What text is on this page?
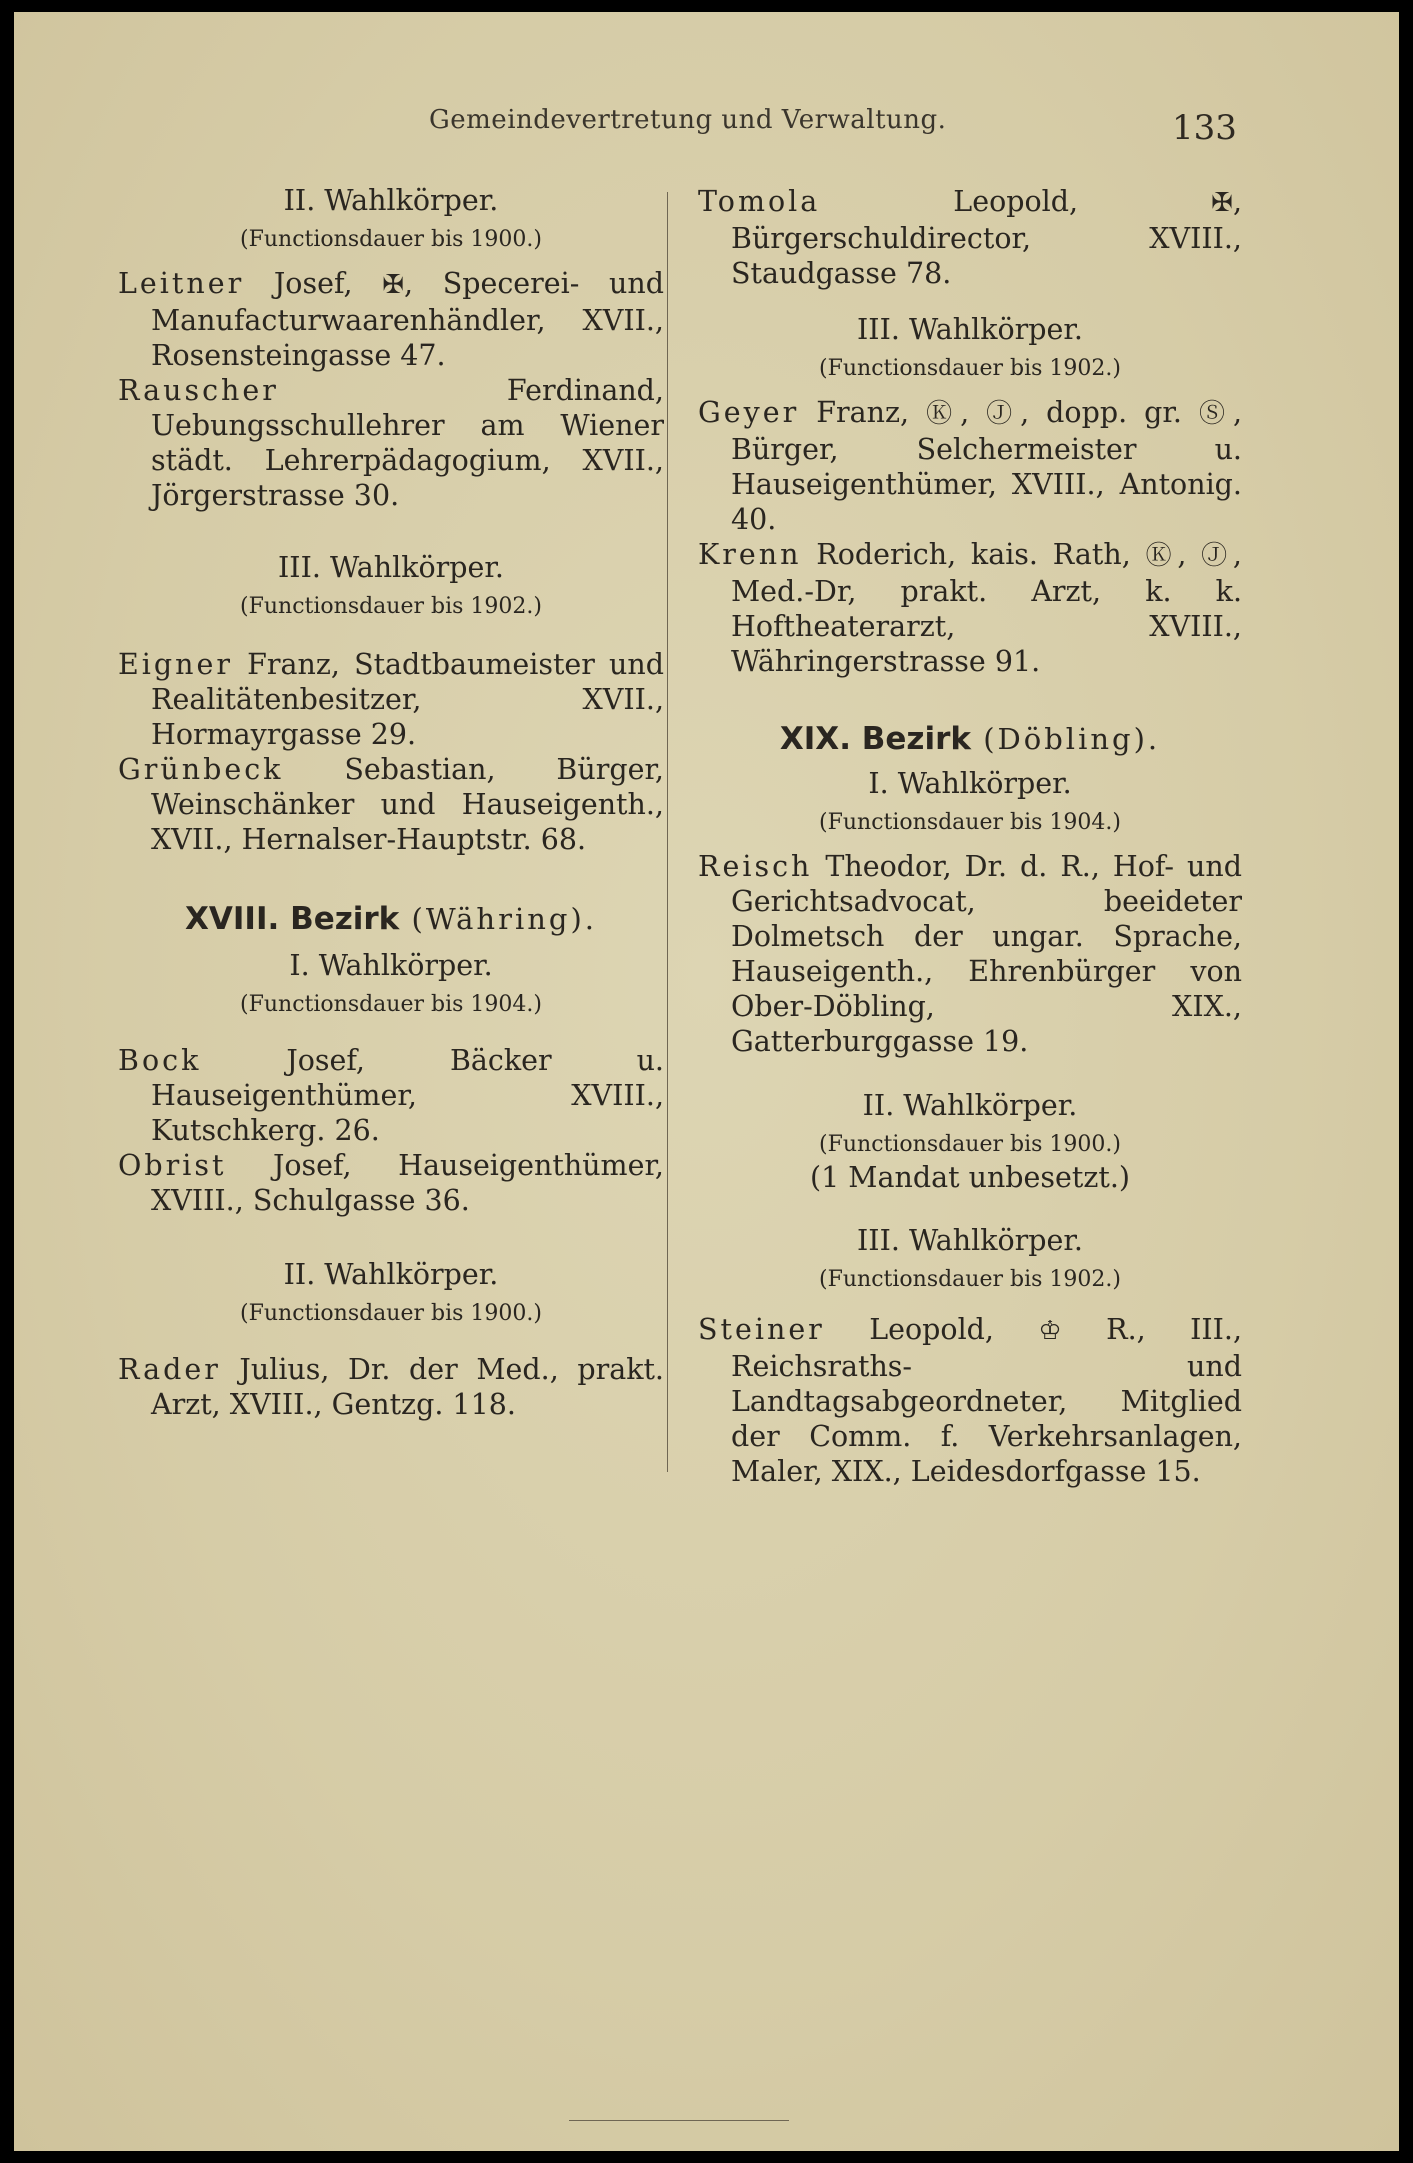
Gemeindevertretung und Verwaltung.	133
II. Wahlkörper.
(Functionsdauer bis 1900.)

Leitner Josef, ✠, Specerei- und Manufacturwaarenhändler, XVII., Rosensteingasse 47.

Rauscher Ferdinand, Uebungsschullehrer am Wiener städt. Lehrerpädagogium, XVII., Jörgerstrasse 30.

III. Wahlkörper.
(Functionsdauer bis 1902.)

Eigner Franz, Stadtbaumeister und Realitätenbesitzer, XVII., Hormayrgasse 29.

Grünbeck Sebastian, Bürger, Weinschänker und Hauseigenth., XVII., Hernalser-Hauptstr. 68.

XVIII. Bezirk (Währing).
I. Wahlkörper.
(Functionsdauer bis 1904.)

Bock Josef, Bäcker u. Hauseigenthümer, XVIII., Kutschkerg. 26.

Obrist Josef, Hauseigenthümer, XVIII., Schulgasse 36.

II. Wahlkörper.
(Functionsdauer bis 1900.)

Rader Julius, Dr. der Med., prakt. Arzt, XVIII., Gentzg. 118.

Tomola Leopold, ✠, Bürgerschuldirector, XVIII., Staudgasse 78.

III. Wahlkörper.
(Functionsdauer bis 1902.)

Geyer Franz, Ⓚ, Ⓙ, dopp. gr. Ⓢ, Bürger, Selchermeister u. Hauseigenthümer, XVIII., Antonig. 40.

Krenn Roderich, kais. Rath, Ⓚ, Ⓙ, Med.-Dr, prakt. Arzt, k. k. Hoftheaterarzt, XVIII., Währingerstrasse 91.

XIX. Bezirk (Döbling).
I. Wahlkörper.
(Functionsdauer bis 1904.)

Reisch Theodor, Dr. d. R., Hof- und Gerichtsadvocat, beeideter Dolmetsch der ungar. Sprache, Hauseigenth., Ehrenbürger von Ober-Döbling, XIX., Gatterburggasse 19.

II. Wahlkörper.
(Functionsdauer bis 1900.)
(1 Mandat unbesetzt.)
III. Wahlkörper.
(Functionsdauer bis 1902.)

Steiner Leopold, ♔ R., III., Reichsraths- und Landtagsabgeordneter, Mitglied der Comm. f. Verkehrsanlagen, Maler, XIX., Leidesdorfgasse 15.
